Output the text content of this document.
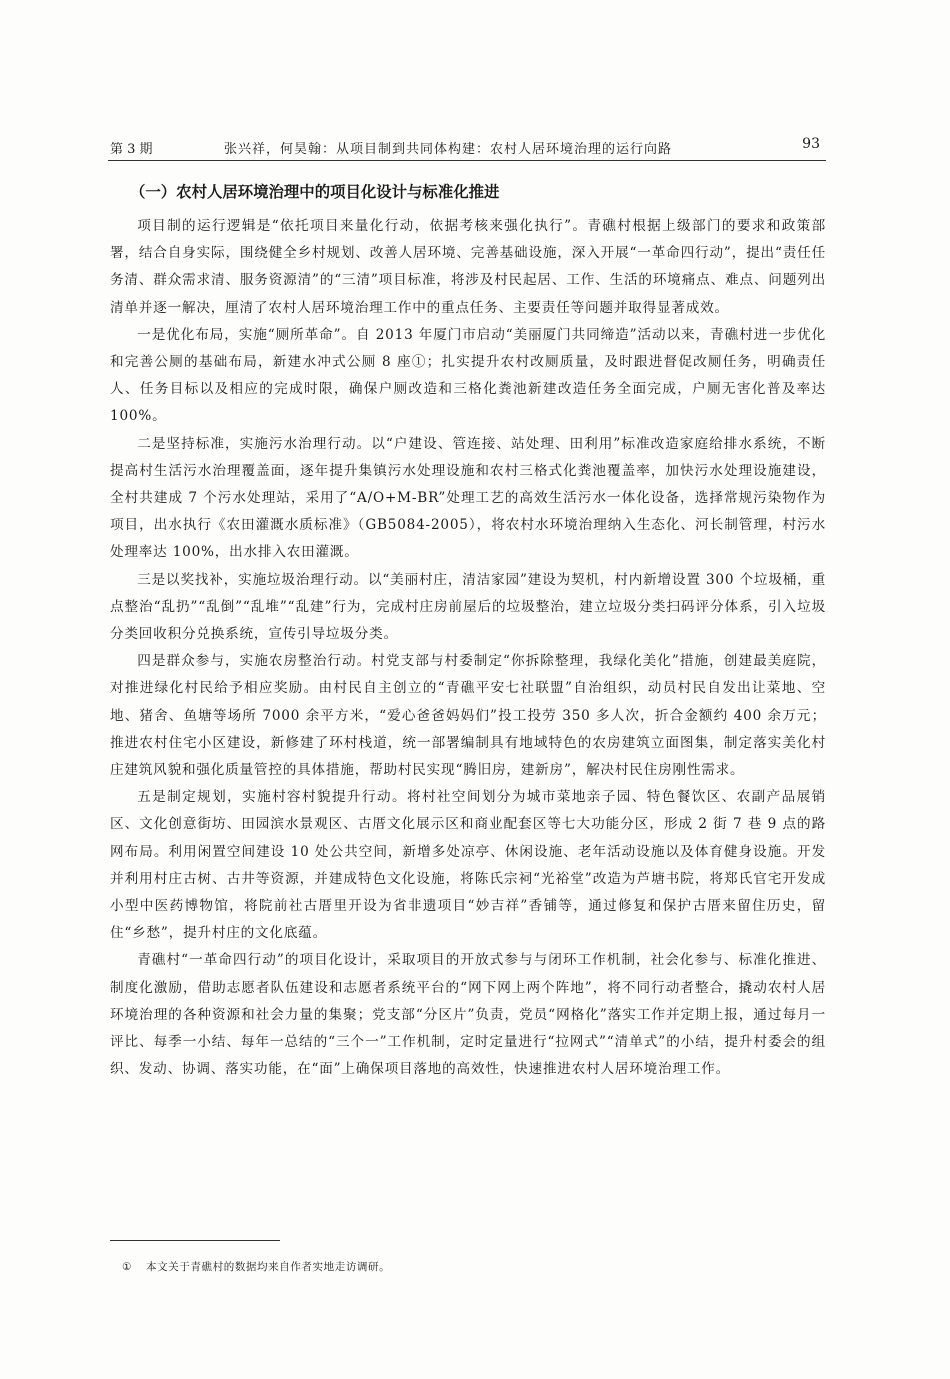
第 3 期	张兴祥，何昊翰：从项目制到共同体构建：农村人居环境治理的运行向路	93
（一）农村人居环境治理中的项目化设计与标准化推进

项目制的运行逻辑是“依托项目来量化行动，依据考核来强化执行”。青礁村根据上级部门的要求和政策部署，结合自身实际，围绕健全乡村规划、改善人居环境、完善基础设施，深入开展“一革命四行动”，提出“责任任务清、群众需求清、服务资源清”的“三清”项目标准，将涉及村民起居、工作、生活的环境痛点、难点、问题列出清单并逐一解决，厘清了农村人居环境治理工作中的重点任务、主要责任等问题并取得显著成效。

一是优化布局，实施“厕所革命”。自 2013 年厦门市启动“美丽厦门共同缔造”活动以来，青礁村进一步优化和完善公厕的基础布局，新建水冲式公厕 8 座①；扎实提升农村改厕质量，及时跟进督促改厕任务，明确责任人、任务目标以及相应的完成时限，确保户厕改造和三格化粪池新建改造任务全面完成，户厕无害化普及率达 100%。

二是坚持标准，实施污水治理行动。以“户建设、管连接、站处理、田利用”标准改造家庭给排水系统，不断提高村生活污水治理覆盖面，逐年提升集镇污水处理设施和农村三格式化粪池覆盖率，加快污水处理设施建设，全村共建成 7 个污水处理站，采用了“A/O+M-BR”处理工艺的高效生活污水一体化设备，选择常规污染物作为项目，出水执行《农田灌溉水质标准》（GB5084-2005），将农村水环境治理纳入生态化、河长制管理，村污水处理率达 100%，出水排入农田灌溉。

三是以奖找补，实施垃圾治理行动。以“美丽村庄，清洁家园”建设为契机，村内新增设置 300 个垃圾桶，重点整治“乱扔”“乱倒”“乱堆”“乱建”行为，完成村庄房前屋后的垃圾整治，建立垃圾分类扫码评分体系，引入垃圾分类回收积分兑换系统，宣传引导垃圾分类。

四是群众参与，实施农房整治行动。村党支部与村委制定“你拆除整理，我绿化美化”措施，创建最美庭院，对推进绿化村民给予相应奖励。由村民自主创立的“青礁平安七社联盟”自治组织，动员村民自发出让菜地、空地、猪舍、鱼塘等场所 7000 余平方米，“爱心爸爸妈妈们”投工投劳 350 多人次，折合金额约 400 余万元；推进农村住宅小区建设，新修建了环村栈道，统一部署编制具有地域特色的农房建筑立面图集，制定落实美化村庄建筑风貌和强化质量管控的具体措施，帮助村民实现“腾旧房，建新房”，解决村民住房刚性需求。

五是制定规划，实施村容村貌提升行动。将村社空间划分为城市菜地亲子园、特色餐饮区、农副产品展销区、文化创意街坊、田园滨水景观区、古厝文化展示区和商业配套区等七大功能分区，形成 2 街 7 巷 9 点的路网布局。利用闲置空间建设 10 处公共空间，新增多处凉亭、休闲设施、老年活动设施以及体育健身设施。开发并利用村庄古树、古井等资源，并建成特色文化设施，将陈氏宗祠“光裕堂”改造为芦塘书院，将郑氏官宅开发成小型中医药博物馆，将院前社古厝里开设为省非遗项目“妙吉祥”香铺等，通过修复和保护古厝来留住历史，留住“乡愁”，提升村庄的文化底蕴。

青礁村“一革命四行动”的项目化设计，采取项目的开放式参与与闭环工作机制，社会化参与、标准化推进、制度化激励，借助志愿者队伍建设和志愿者系统平台的“网下网上两个阵地”，将不同行动者整合，撬动农村人居环境治理的各种资源和社会力量的集聚；党支部“分区片”负责，党员“网格化”落实工作并定期上报，通过每月一评比、每季一小结、每年一总结的“三个一”工作机制，定时定量进行“拉网式”“清单式”的小结，提升村委会的组织、发动、协调、落实功能，在“面”上确保项目落地的高效性，快速推进农村人居环境治理工作。

① 本文关于青礁村的数据均来自作者实地走访调研。
